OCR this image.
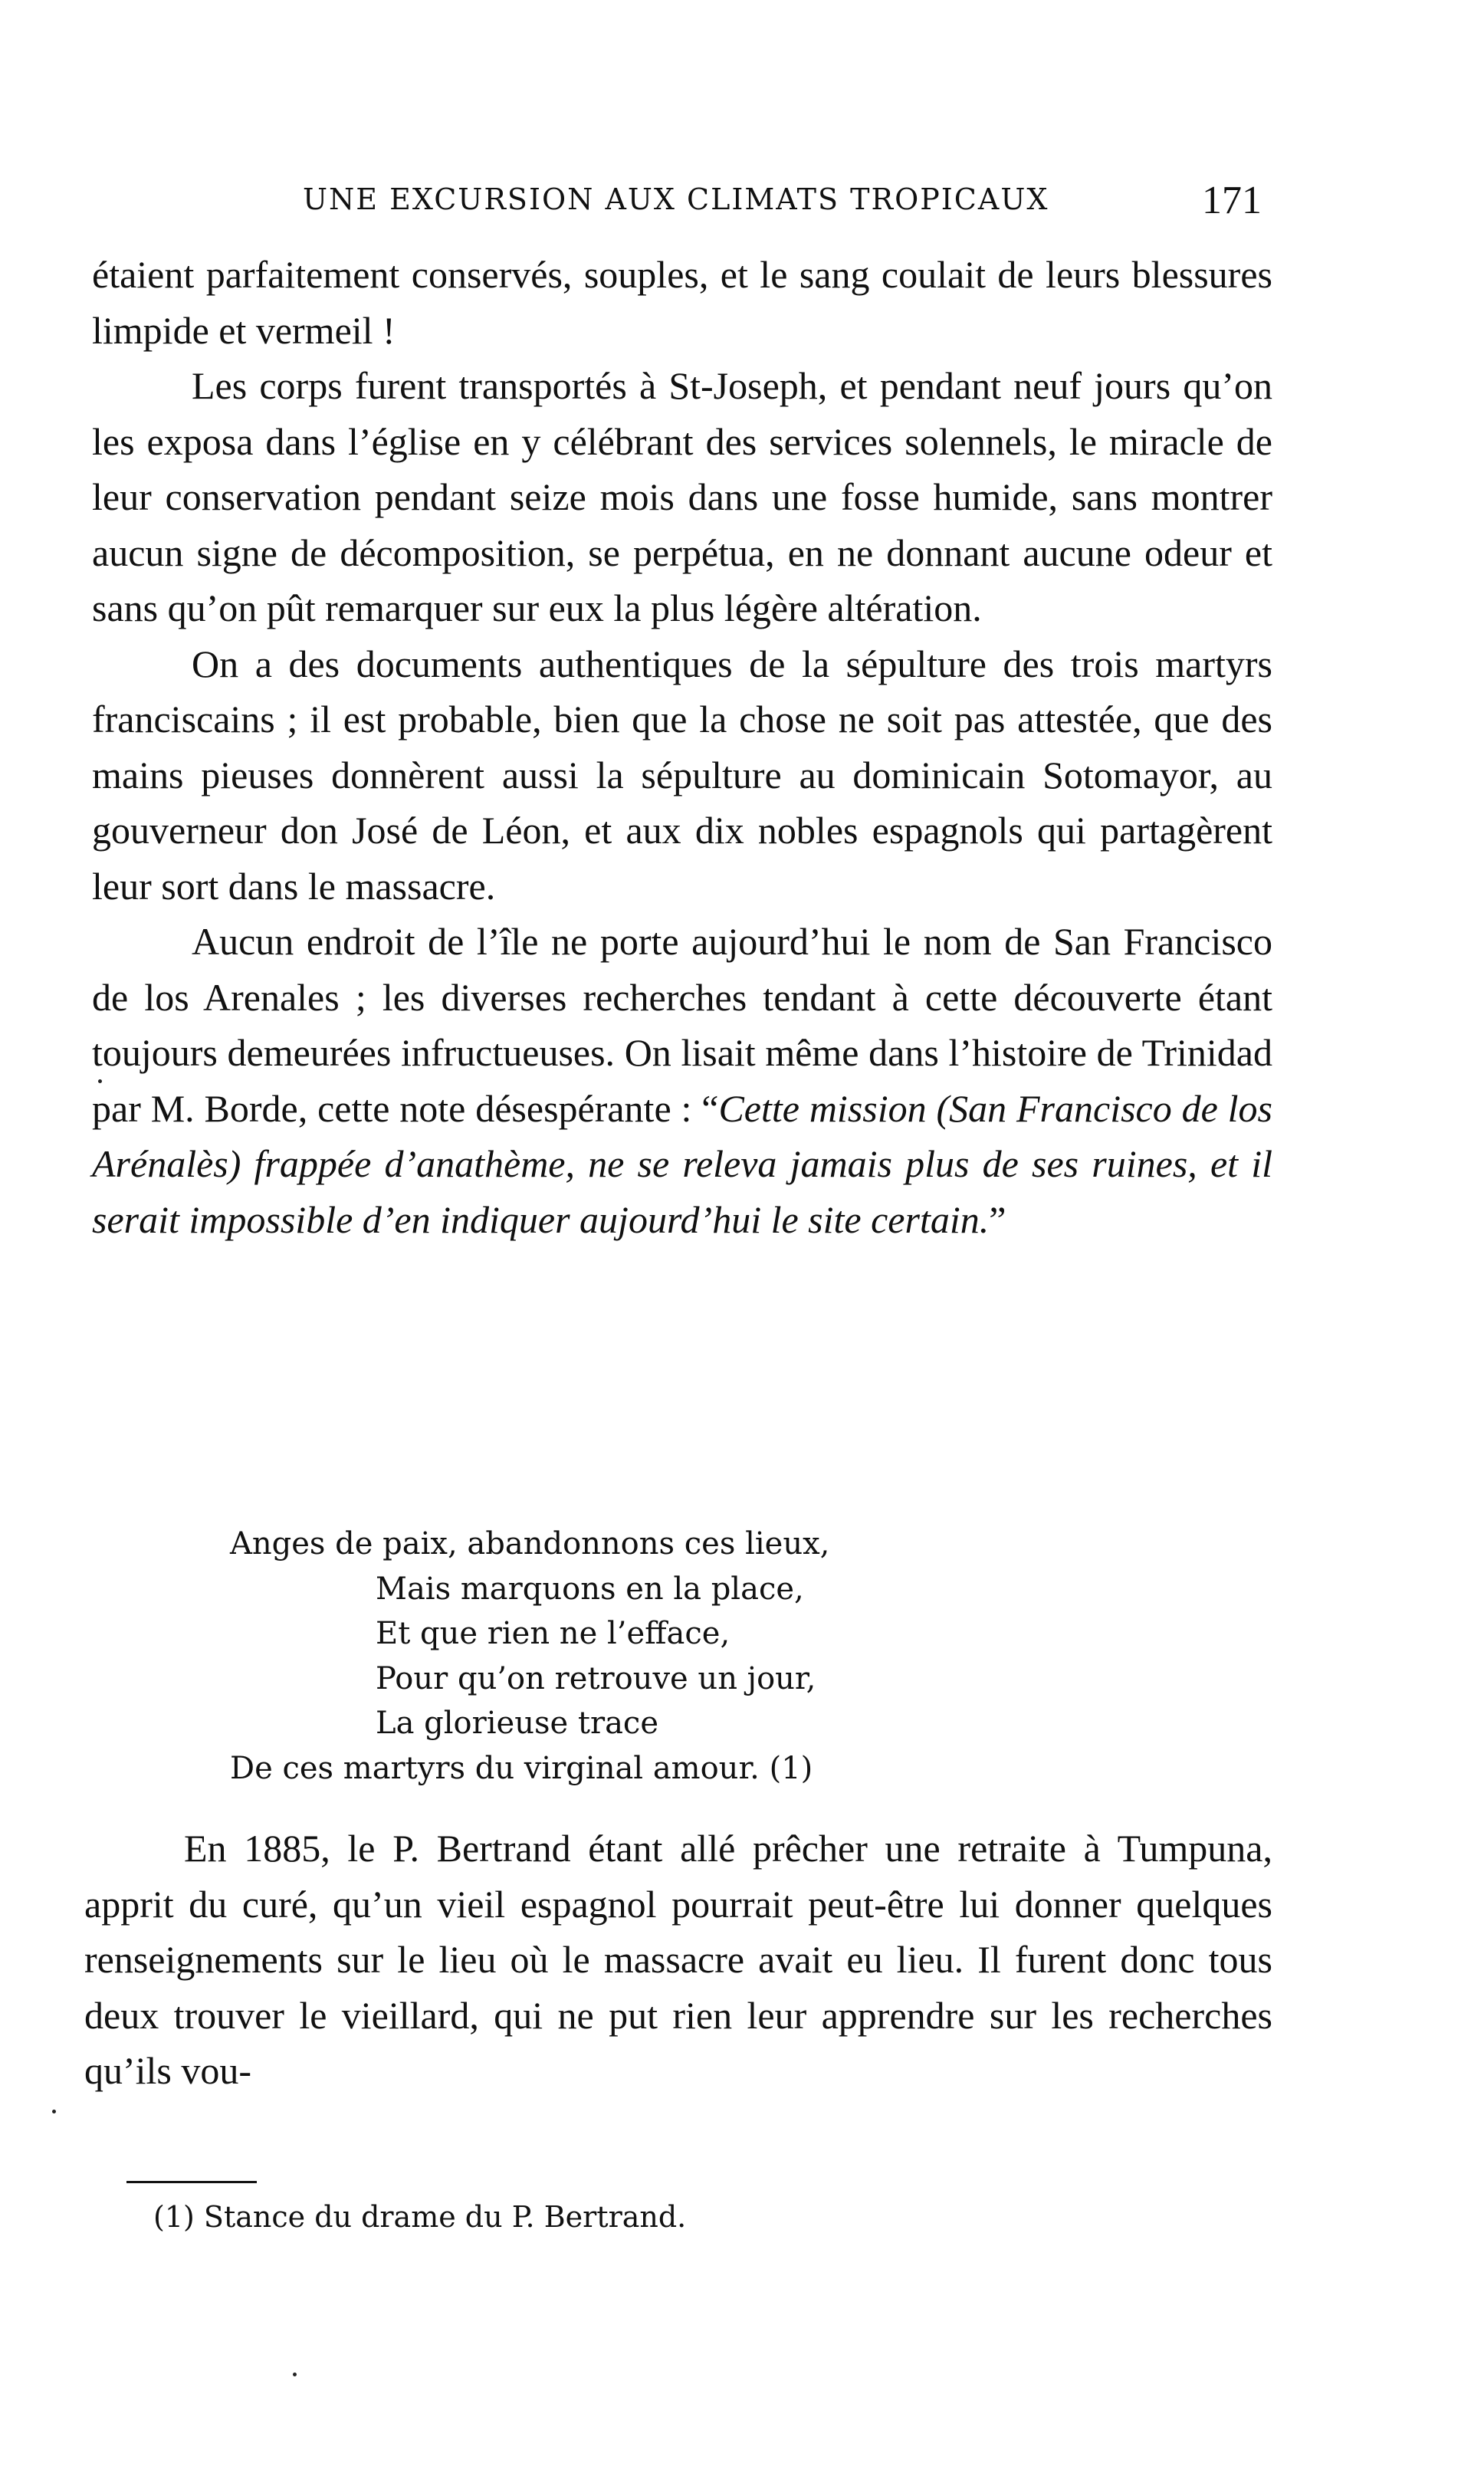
UNE EXCURSION AUX CLIMATS TROPICAUX	171

étaient parfaitement conservés, souples, et le sang coulait de leurs blessures limpide et vermeil !

Les corps furent transportés à St-Joseph, et pendant neuf jours qu’on les exposa dans l’église en y célébrant des services solennels, le miracle de leur conservation pendant seize mois dans une fosse humide, sans montrer aucun signe de décomposition, se perpétua, en ne donnant aucune odeur et sans qu’on pût remarquer sur eux la plus légère altération.

On a des documents authentiques de la sépulture des trois martyrs franciscains ; il est probable, bien que la chose ne soit pas attestée, que des mains pieuses donnèrent aussi la sépulture au dominicain Sotomayor, au gouverneur don José de Léon, et aux dix nobles espagnols qui partagèrent leur sort dans le massacre.

Aucun endroit de l’île ne porte aujourd’hui le nom de San Francisco de los Arenales ; les diverses recherches tendant à cette découverte étant toujours demeurées infructueuses. On lisait même dans l’histoire de Trinidad par M. Borde, cette note désespérante : “Cette mission (San Francisco de los Arénalès) frappée d’anathème, ne se releva jamais plus de ses ruines, et il serait impossible d’en indiquer aujourd’hui le site certain.”

Anges de paix, abandonnons ces lieux,
Mais marquons en la place,
Et que rien ne l’efface,
Pour qu’on retrouve un jour,
La glorieuse trace
De ces martyrs du virginal amour. (1)

En 1885, le P. Bertrand étant allé prêcher une retraite à Tumpuna, apprit du curé, qu’un vieil espagnol pourrait peut-être lui donner quelques renseignements sur le lieu où le massacre avait eu lieu. Il furent donc tous deux trouver le vieillard, qui ne put rien leur apprendre sur les recherches qu’ils vou-

(1) Stance du drame du P. Bertrand.
